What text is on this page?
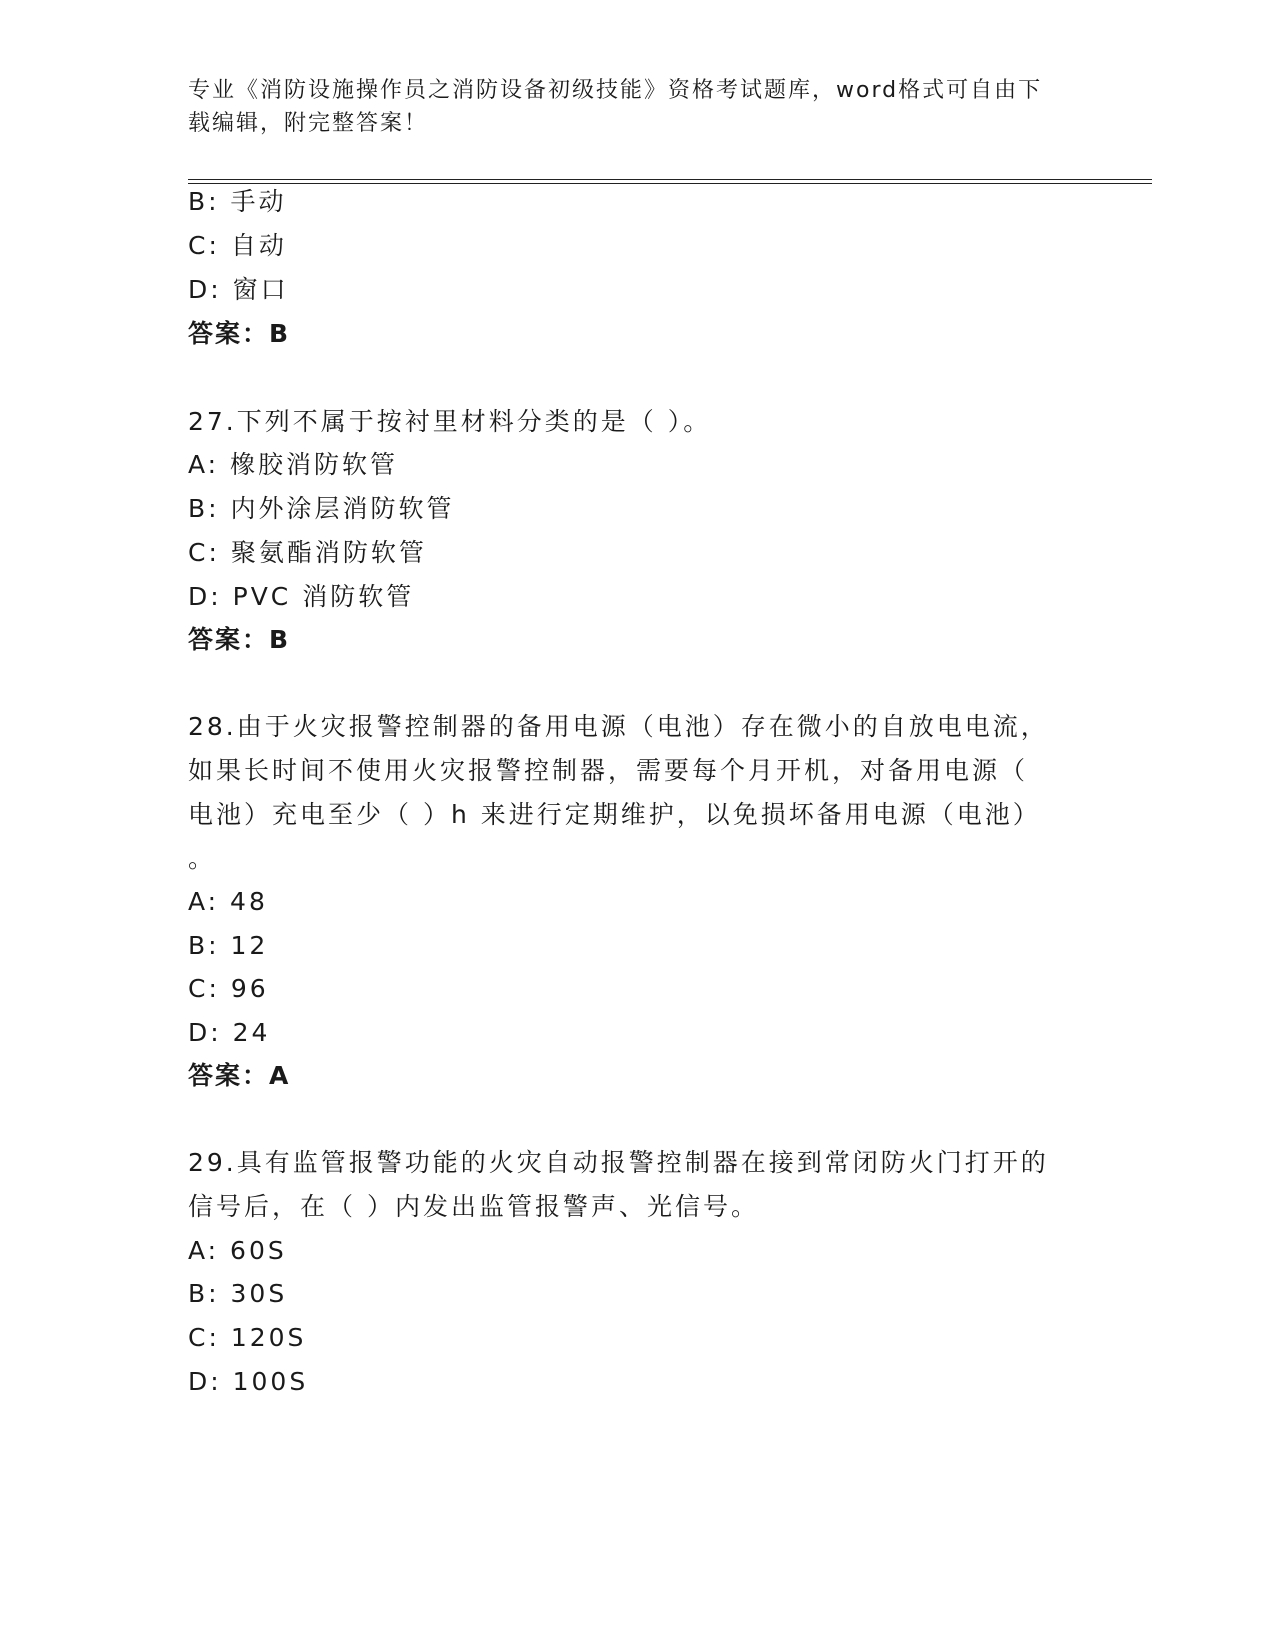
专业《消防设施操作员之消防设备初级技能》资格考试题库，word格式可自由下
载编辑，附完整答案！
B: 手动
C: 自动
D: 窗口
答案：B
27.下列不属于按衬里材料分类的是（ ）。
A: 橡胶消防软管
B: 内外涂层消防软管
C: 聚氨酯消防软管
D: PVC 消防软管
答案：B
28.由于火灾报警控制器的备用电源（电池）存在微小的自放电电流，
如果长时间不使用火灾报警控制器，需要每个月开机，对备用电源（
电池）充电至少（ ）h 来进行定期维护，以免损坏备用电源（电池）
。
A: 48
B: 12
C: 96
D: 24
答案：A
29.具有监管报警功能的火灾自动报警控制器在接到常闭防火门打开的
信号后，在（ ）内发出监管报警声、光信号。
A: 60S
B: 30S
C: 120S
D: 100S
